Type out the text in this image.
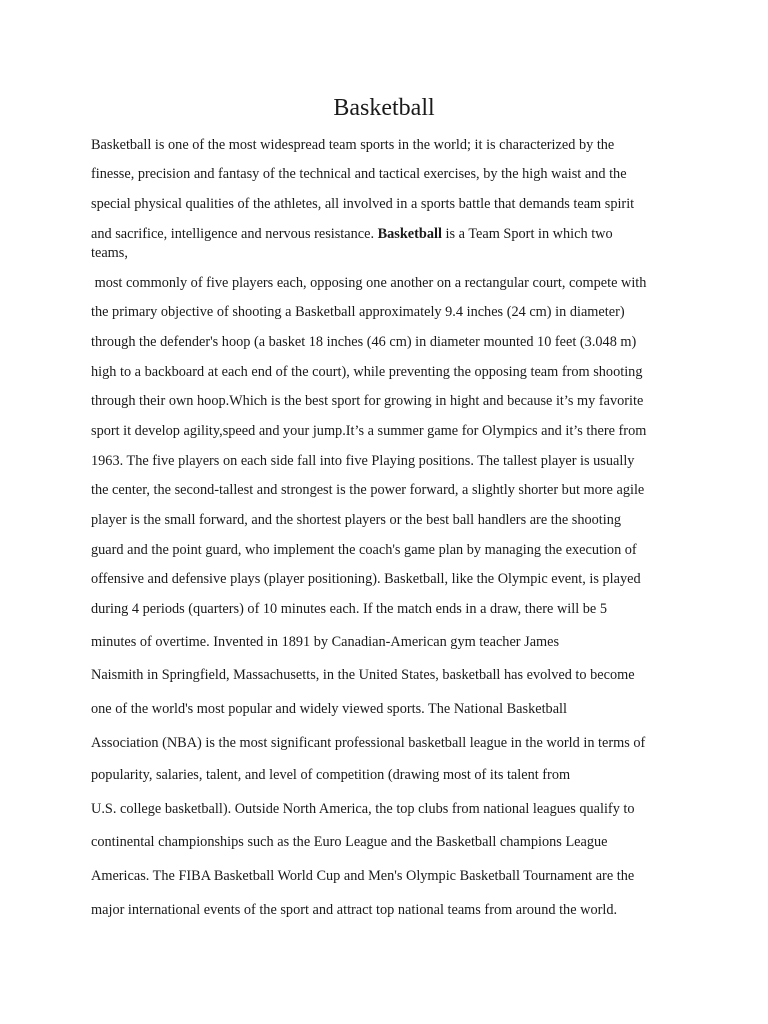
Basketball
Basketball is one of the most widespread team sports in the world; it is characterized by the
finesse, precision and fantasy of the technical and tactical exercises, by the high waist and the
special physical qualities of the athletes, all involved in a sports battle that demands team spirit
and sacrifice, intelligence and nervous resistance. Basketball is a Team Sport in which two
teams,
most commonly of five players each, opposing one another on a rectangular court, compete with
the primary objective of shooting a Basketball approximately 9.4 inches (24 cm) in diameter)
through the defender's hoop (a basket 18 inches (46 cm) in diameter mounted 10 feet (3.048 m)
high to a backboard at each end of the court), while preventing the opposing team from shooting
through their own hoop.Which is the best sport for growing in hight and because it’s my favorite
sport it develop agility,speed and your jump.It’s a summer game for Olympics and it’s there from
1963. The five players on each side fall into five Playing positions. The tallest player is usually
the center, the second-tallest and strongest is the power forward, a slightly shorter but more agile
player is the small forward, and the shortest players or the best ball handlers are the shooting
guard and the point guard, who implement the coach's game plan by managing the execution of
offensive and defensive plays (player positioning). Basketball, like the Olympic event, is played
during 4 periods (quarters) of 10 minutes each. If the match ends in a draw, there will be 5
minutes of overtime. Invented in 1891 by Canadian-American gym teacher James
Naismith in Springfield, Massachusetts, in the United States, basketball has evolved to become
one of the world's most popular and widely viewed sports. The National Basketball
Association (NBA) is the most significant professional basketball league in the world in terms of
popularity, salaries, talent, and level of competition (drawing most of its talent from
U.S. college basketball). Outside North America, the top clubs from national leagues qualify to
continental championships such as the Euro League and the Basketball champions League
Americas. The FIBA Basketball World Cup and Men's Olympic Basketball Tournament are the
major international events of the sport and attract top national teams from around the world.
